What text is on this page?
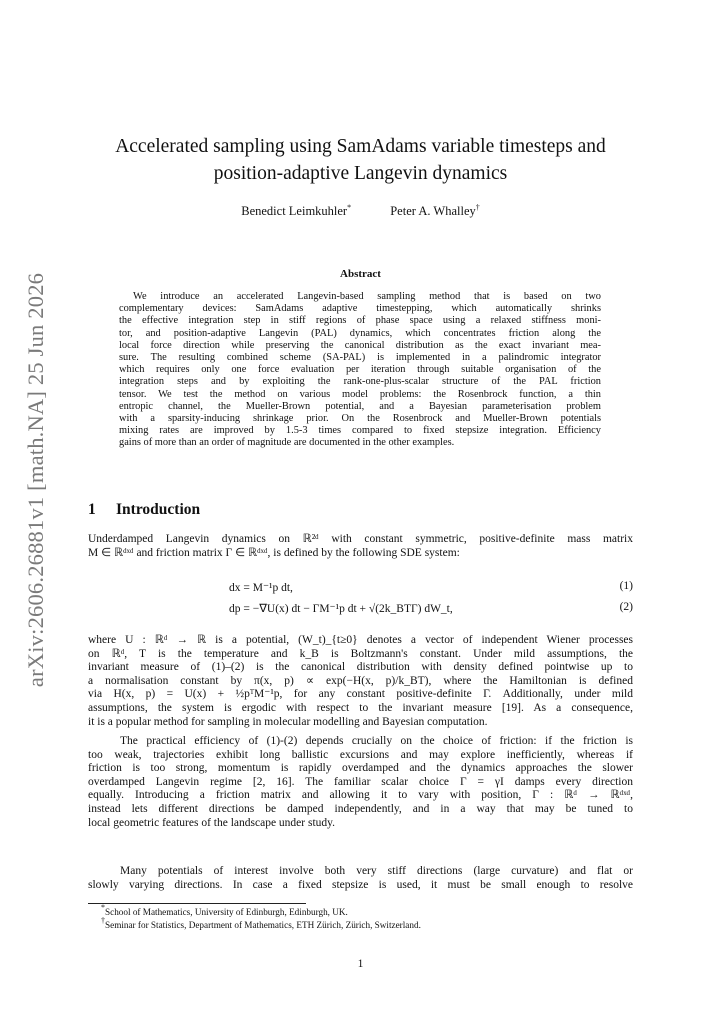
arXiv:2606.26881v1 [math.NA] 25 Jun 2026
Accelerated sampling using SamAdams variable timesteps and
position-adaptive Langevin dynamics
Benedict Leimkuhler*	Peter A. Whalley†
Abstract
We introduce an accelerated Langevin-based sampling method that is based on two
complementary devices: SamAdams adaptive timestepping, which automatically shrinks
the effective integration step in stiff regions of phase space using a relaxed stiffness moni-
tor, and position-adaptive Langevin (PAL) dynamics, which concentrates friction along the
local force direction while preserving the canonical distribution as the exact invariant mea-
sure. The resulting combined scheme (SA-PAL) is implemented in a palindromic integrator
which requires only one force evaluation per iteration through suitable organisation of the
integration steps and by exploiting the rank-one-plus-scalar structure of the PAL friction
tensor. We test the method on various model problems: the Rosenbrock function, a thin
entropic channel, the Mueller-Brown potential, and a Bayesian parameterisation problem
with a sparsity-inducing shrinkage prior. On the Rosenbrock and Mueller-Brown potentials
mixing rates are improved by 1.5-3 times compared to fixed stepsize integration. Efficiency
gains of more than an order of magnitude are documented in the other examples.
1 Introduction
Underdamped Langevin dynamics on ℝ²ᵈ with constant symmetric, positive-definite mass matrix
M ∈ ℝᵈˣᵈ and friction matrix Γ ∈ ℝᵈˣᵈ, is defined by the following SDE system:
dx = M⁻¹p dt,	(1)
dp = −∇U(x) dt − ΓM⁻¹p dt + √(2k_BTΓ) dW_t,	(2)
where U : ℝᵈ → ℝ is a potential, (W_t)_{t≥0} denotes a vector of independent Wiener processes
on ℝᵈ, T is the temperature and k_B is Boltzmann's constant. Under mild assumptions, the
invariant measure of (1)–(2) is the canonical distribution with density defined pointwise up to
a normalisation constant by π(x, p) ∝ exp(−H(x, p)/k_BT), where the Hamiltonian is defined
via H(x, p) = U(x) + ½pᵀM⁻¹p, for any constant positive-definite Γ. Additionally, under mild
assumptions, the system is ergodic with respect to the invariant measure [19]. As a consequence,
it is a popular method for sampling in molecular modelling and Bayesian computation.
The practical efficiency of (1)-(2) depends crucially on the choice of friction: if the friction is
too weak, trajectories exhibit long ballistic excursions and may explore inefficiently, whereas if
friction is too strong, momentum is rapidly overdamped and the dynamics approaches the slower
overdamped Langevin regime [2, 16]. The familiar scalar choice Γ = γI damps every direction
equally. Introducing a friction matrix and allowing it to vary with position, Γ : ℝᵈ → ℝᵈˣᵈ,
instead lets different directions be damped independently, and in a way that may be tuned to
local geometric features of the landscape under study.
Many potentials of interest involve both very stiff directions (large curvature) and flat or
slowly varying directions. In case a fixed stepsize is used, it must be small enough to resolve
*School of Mathematics, University of Edinburgh, Edinburgh, UK.
†Seminar for Statistics, Department of Mathematics, ETH Zürich, Zürich, Switzerland.
1
